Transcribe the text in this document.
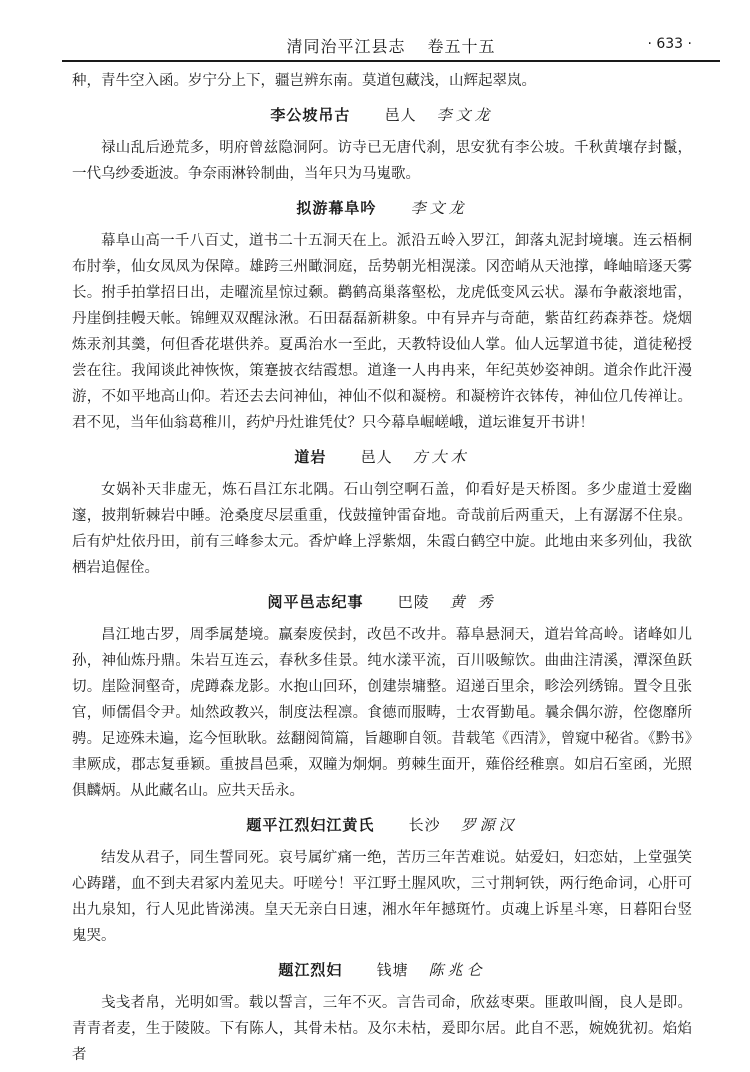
清同治平江县志 卷五十五	· 633 ·

种，青牛空入函。岁宁分上下，疆岂辨东南。莫道包藏浅，山辉起翠岚。

李公坡吊古 邑人 李文龙

禄山乱后逊荒多，明府曾兹隐洞阿。访寺已无唐代刹，思安犹有李公坡。千秋黄壤存封鬣，一代乌纱委逝波。争奈雨淋铃制曲，当年只为马嵬歌。

拟游幕阜吟 李文龙

幕阜山高一千八百丈，道书二十五洞天在上。派沿五岭入罗江，卸落丸泥封境壤。连云梧桐布肘拳，仙女凤凤为保障。雄跨三州瞰洞庭，岳势朝光相滉漾。冈峦峭从天池撑，峰岫暗逐天雾长。拊手拍掌招日出，走曜流星惊过颡。鹳鹤高巢落壑松，龙虎低变风云状。瀑布争蔽滚地雷，丹崖倒挂幔天帐。锦鲤双双醒泳湫。石田磊磊新耕象。中有异卉与奇葩，紫苗红药森莽苍。烧烟炼汞剂其羹，何但香花堪供养。夏禹治水一至此，天教特设仙人掌。仙人远挈道书徒，道徒秘授尝在往。我闻谈此神恢恢，策蹇披衣结霞想。道逢一人冉冉来，年纪英妙姿神朗。道余作此汗漫游，不如平地高山仰。若还去去问神仙，神仙不似和凝榜。和凝榜许衣钵传，神仙位几传禅让。君不见，当年仙翁葛稚川，药炉丹灶谁凭仗？只今幕阜崛嵯峨，道坛谁复开书讲！

道岩 邑人 方大木

女娲补天非虚无，炼石昌江东北隅。石山刳空啊石盖，仰看好是天桥图。多少虚道士爱幽邃，披荆斩棘岩中睡。沧桑度尽层重重，伐鼓撞钟雷奋地。奇哉前后两重天，上有潺潺不住泉。后有炉灶依丹田，前有三峰参太元。香炉峰上浮紫烟，朱霞白鹤空中旋。此地由来多列仙，我欲栖岩追偓佺。

阅平邑志纪事 巴陵 黄 秀

昌江地古罗，周季属楚境。赢秦废侯封，改邑不改井。幕阜悬洞天，道岩耸高岭。诸峰如儿孙，神仙炼丹鼎。朱岩互连云，春秋多佳景。纯水漾平流，百川吸鲸饮。曲曲注清溪，潭深鱼跃切。崖险洞壑奇，虎蹲森龙影。水抱山回环，创建崇墉整。迢递百里余，畛浍列绣锦。置令且张官，师儒倡令尹。灿然政教兴，制度法程凛。食德而服畴，士农胥勤黾。曩余偶尔游，倥偬靡所骋。足迹殊未遍，迄今恒耿耿。兹翻阅简篇，旨趣聊自领。昔载笔《西清》，曾窥中秘省。《黔书》聿厥成，郡志复垂颖。重披昌邑乘，双瞳为炯炯。剪棘生面开，薙俗经稚禀。如启石室函，光照俱麟炳。从此藏名山。应共天岳永。

题平江烈妇江黄氏 长沙 罗源汉

结发从君子，同生誓同死。哀号属纩痛一绝，苦历三年苦难说。姑爱妇，妇恋姑，上堂强笑心踌躇，血不到夫君冢内羞见夫。吁嗟兮！平江野土腥风吹，三寸荆轲铁，两行绝命词，心肝可出九泉知，行人见此皆涕洟。皇天无亲白日速，湘水年年撼斑竹。贞魂上诉星斗寒，日暮阳台竖鬼哭。

题江烈妇 钱塘 陈兆仑

戋戋者帛，光明如雪。载以誓言，三年不灭。言告司命，欣兹枣栗。匪敢叫阍，良人是即。青青者麦，生于陵陂。下有陈人，其骨未枯。及尔未枯，爰即尔居。此自不恶，婉娩犹初。焰焰者
